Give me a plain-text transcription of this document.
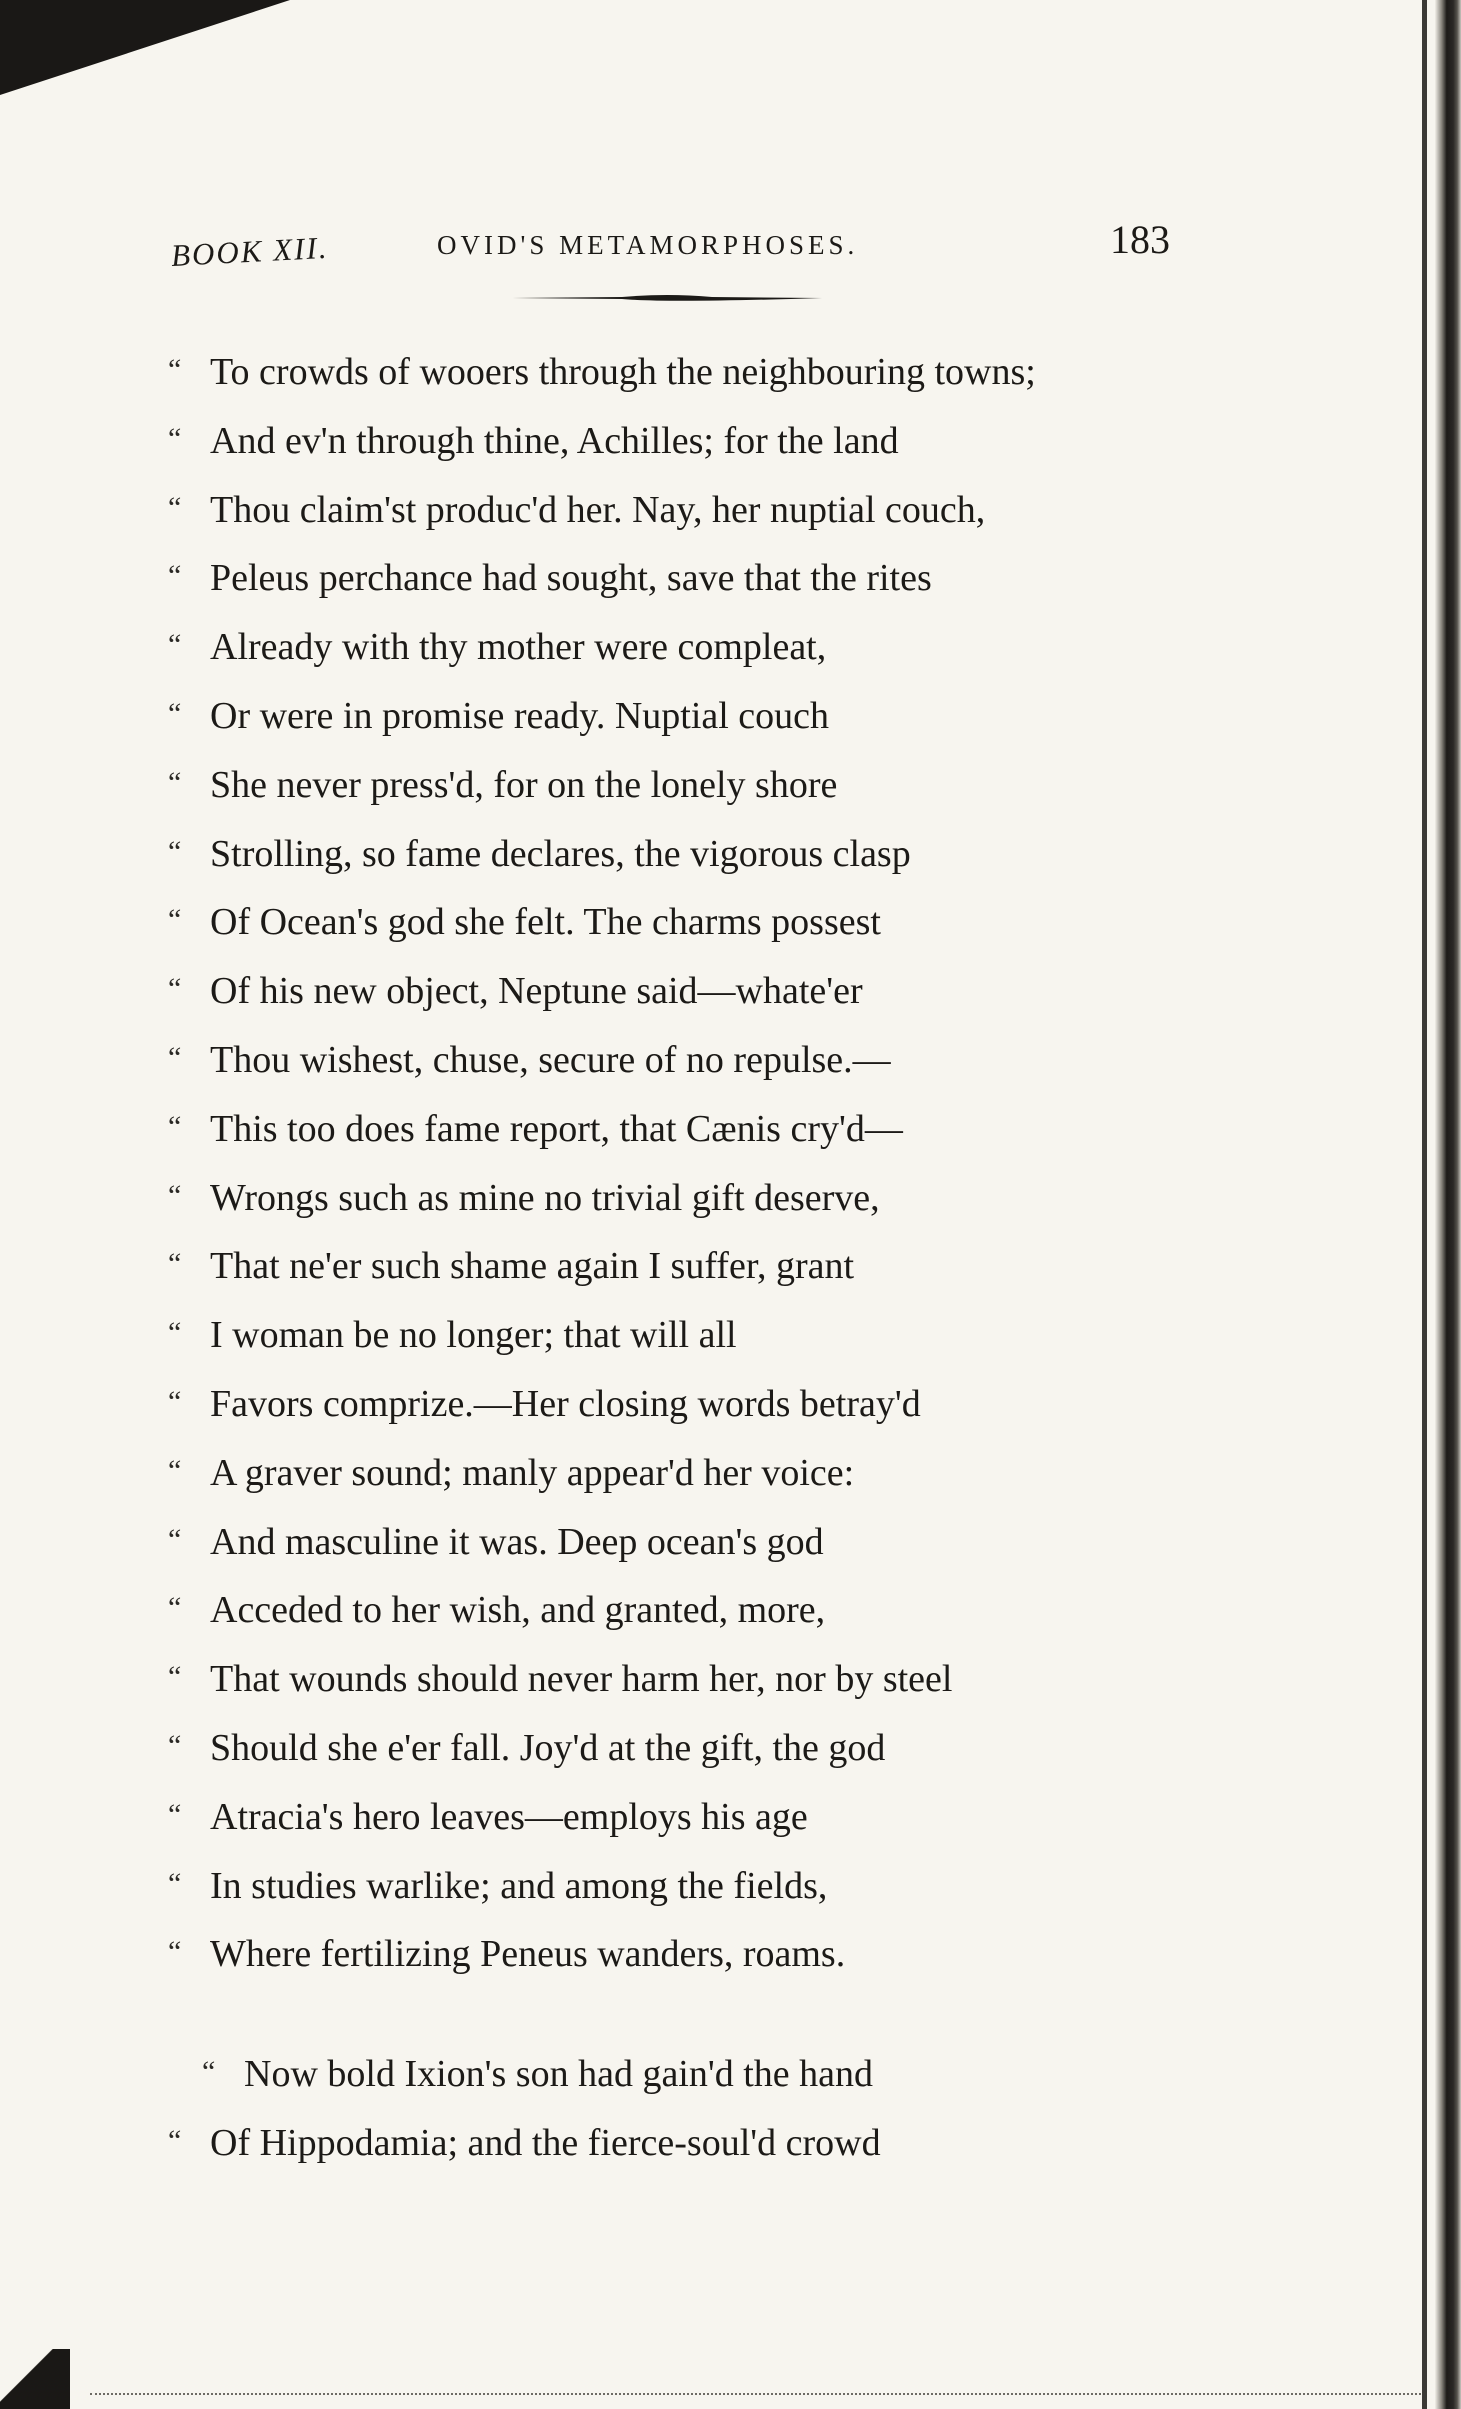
BOOK XII.	OVID'S METAMORPHOSES.	183
“ To crowds of wooers through the neighbouring towns;
“ And ev'n through thine, Achilles; for the land
“ Thou claim'st produc'd her. Nay, her nuptial couch,
“ Peleus perchance had sought, save that the rites
“ Already with thy mother were compleat,
“ Or were in promise ready. Nuptial couch
“ She never press'd, for on the lonely shore
“ Strolling, so fame declares, the vigorous clasp
“ Of Ocean's god she felt. The charms possest
“ Of his new object, Neptune said—whate'er
“ Thou wishest, chuse, secure of no repulse.—
“ This too does fame report, that Cænis cry'd—
“ Wrongs such as mine no trivial gift deserve,
“ That ne'er such shame again I suffer, grant
“ I woman be no longer; that will all
“ Favors comprize.—Her closing words betray'd
“ A graver sound; manly appear'd her voice:
“ And masculine it was. Deep ocean's god
“ Acceded to her wish, and granted, more,
“ That wounds should never harm her, nor by steel
“ Should she e'er fall. Joy'd at the gift, the god
“ Atracia's hero leaves—employs his age
“ In studies warlike; and among the fields,
“ Where fertilizing Peneus wanders, roams.
“ Now bold Ixion's son had gain'd the hand
“ Of Hippodamia; and the fierce-soul'd crowd
